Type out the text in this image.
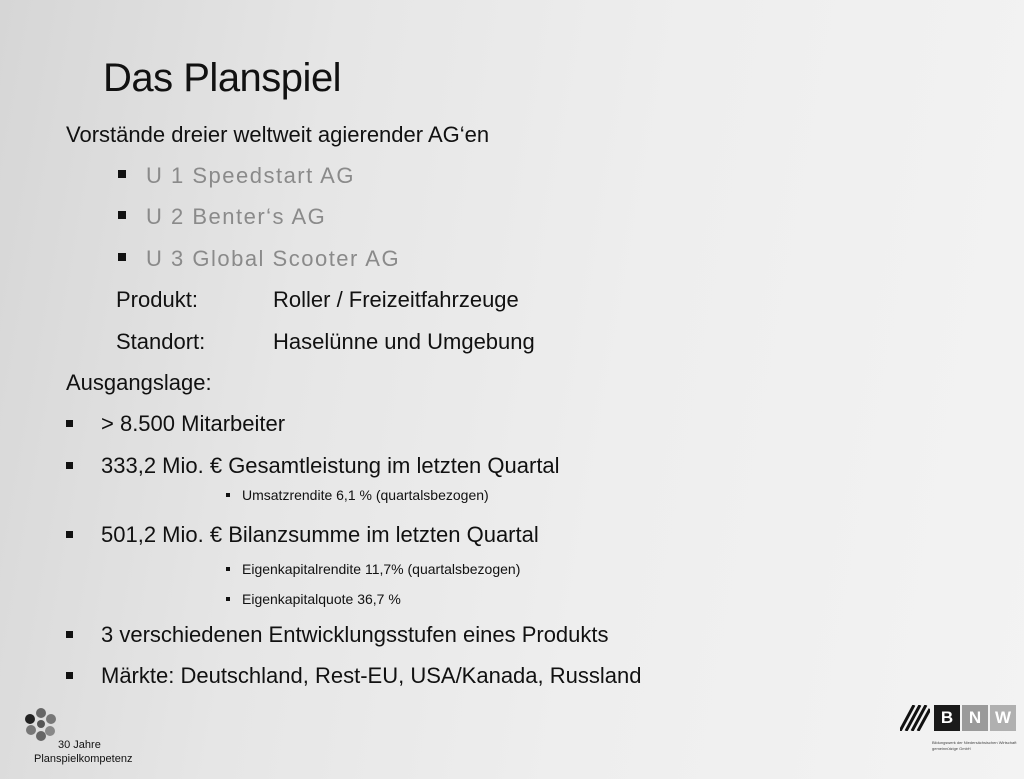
Das Planspiel
Vorstände dreier weltweit agierender AG‘en
U 1 Speedstart AG
U 2 Benter‘s AG
U 3 Global Scooter AG
Produkt:	Roller / Freizeitfahrzeuge
Standort:	Haselünne und Umgebung
Ausgangslage:
> 8.500 Mitarbeiter
333,2 Mio. € Gesamtleistung im letzten Quartal
Umsatzrendite 6,1 % (quartalsbezogen)
501,2 Mio. € Bilanzsumme im letzten Quartal
Eigenkapitalrendite 11,7% (quartalsbezogen)
Eigenkapitalquote 36,7 %
3 verschiedenen Entwicklungsstufen eines Produkts
Märkte: Deutschland, Rest-EU, USA/Kanada, Russland
30 Jahre
Planspielkompetenz
B N W
Bildungswerk der Niedersächsischen Wirtschaft gemeinnützige GmbH
